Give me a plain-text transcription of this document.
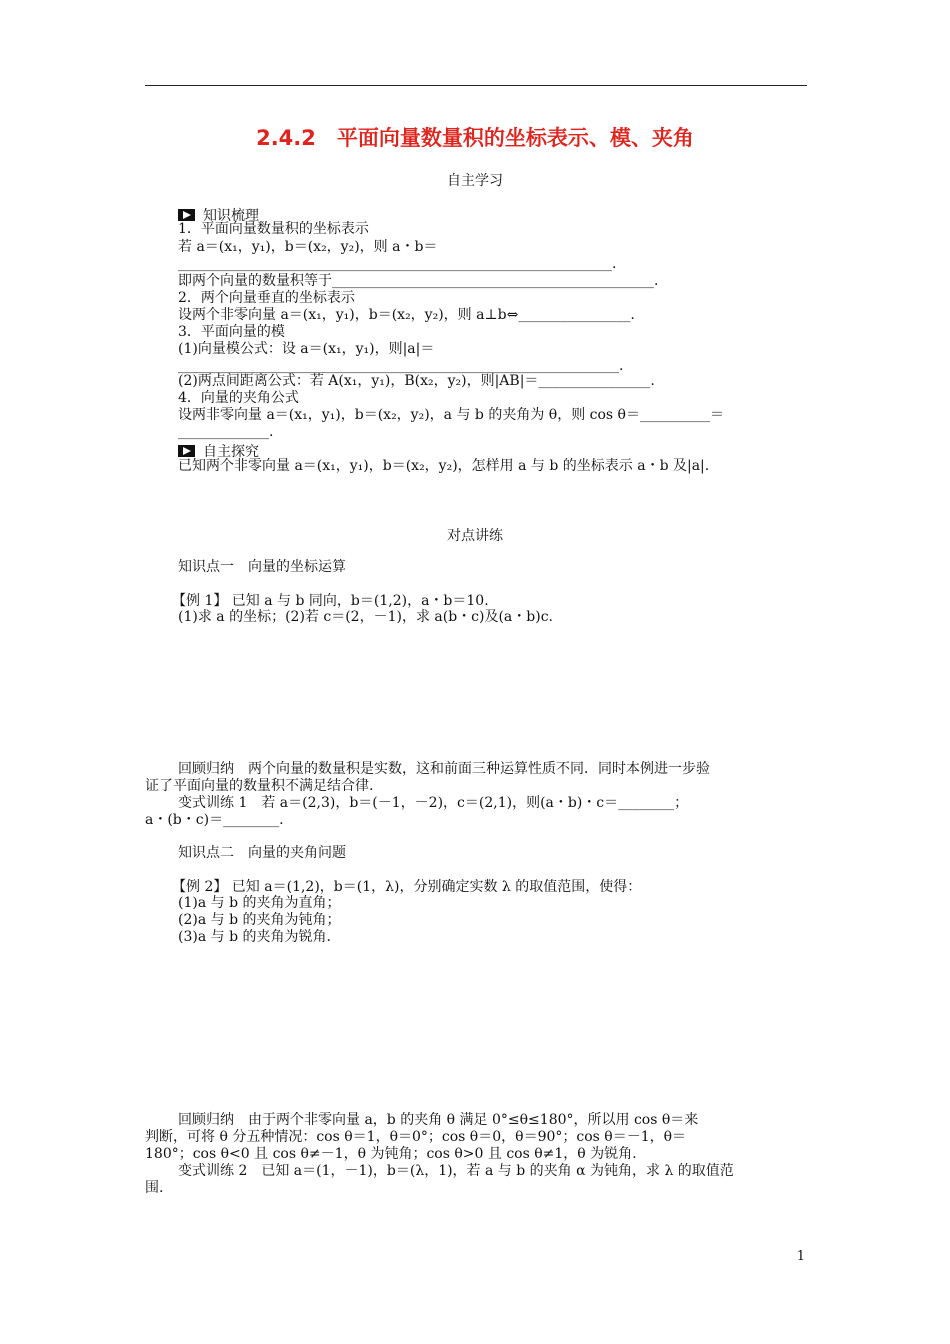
2.4.2　平面向量数量积的坐标表示、模、夹角
自主学习
知识梳理
1．平面向量数量积的坐标表示
若 a＝(x₁，y₁)，b＝(x₂，y₂)，则 a・b＝
______________________________________________________________.
即两个向量的数量积等于______________________________________________.
2．两个向量垂直的坐标表示
设两个非零向量 a＝(x₁，y₁)，b＝(x₂，y₂)，则 a⊥b⇔________________.
3．平面向量的模
(1)向量模公式：设 a＝(x₁，y₁)，则|a|＝
_______________________________________________________________.
(2)两点间距离公式：若 A(x₁，y₁)，B(x₂，y₂)，则|AB|＝________________.
4．向量的夹角公式
设两非零向量 a＝(x₁，y₁)，b＝(x₂，y₂)，a 与 b 的夹角为 θ，则 cos θ＝__________＝
_____________.
自主探究
已知两个非零向量 a＝(x₁，y₁)，b＝(x₂，y₂)，怎样用 a 与 b 的坐标表示 a・b 及|a|.
对点讲练
知识点一　向量的坐标运算
【例 1】 已知 a 与 b 同向，b＝(1,2)，a・b＝10.
(1)求 a 的坐标；(2)若 c＝(2，－1)，求 a(b・c)及(a・b)c.
回顾归纳　两个向量的数量积是实数，这和前面三种运算性质不同．同时本例进一步验
证了平面向量的数量积不满足结合律.
变式训练 1　若 a＝(2,3)，b＝(－1，－2)，c＝(2,1)，则(a・b)・c＝________；
a・(b・c)＝________.
知识点二　向量的夹角问题
【例 2】 已知 a＝(1,2)，b＝(1，λ)，分别确定实数 λ 的取值范围，使得：
(1)a 与 b 的夹角为直角；
(2)a 与 b 的夹角为钝角；
(3)a 与 b 的夹角为锐角.
回顾归纳　由于两个非零向量 a，b 的夹角 θ 满足 0°≤θ≤180°，所以用 cos θ＝来
判断，可将 θ 分五种情况：cos θ＝1，θ＝0°；cos θ＝0，θ＝90°；cos θ＝－1，θ＝
180°；cos θ<0 且 cos θ≠－1，θ 为钝角；cos θ>0 且 cos θ≠1，θ 为锐角.
变式训练 2　已知 a＝(1，－1)，b＝(λ，1)，若 a 与 b 的夹角 α 为钝角，求 λ 的取值范
围.
1
